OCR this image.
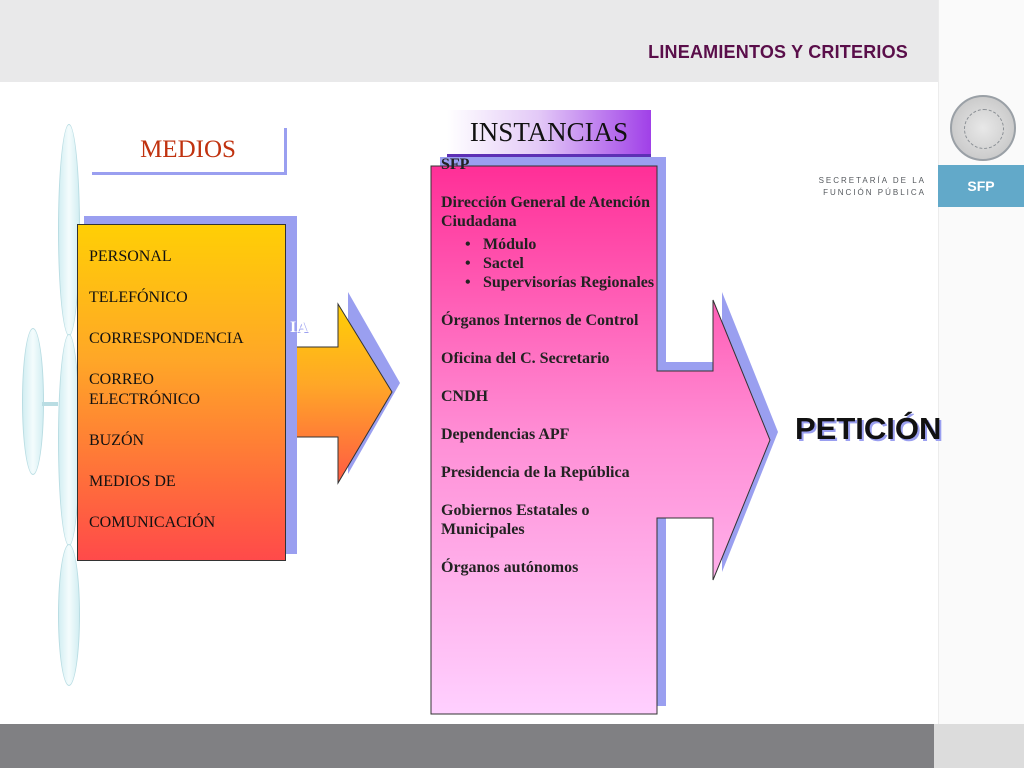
LINEAMIENTOS Y CRITERIOS
SECRETARÍA DE LA
FUNCIÓN PÚBLICA	SFP
MEDIOS
PERSONAL
TELEFÓNICO
CORRESPONDENCIA
CORREO
ELECTRÓNICO
BUZÓN
MEDIOS DE
COMUNICACIÓN
IA
INSTANCIAS

SFP

Dirección General de Atención Ciudadana

• Módulo
• Sactel
• Supervisorías Regionales

Órganos Internos de Control

Oficina del C. Secretario

CNDH

Dependencias APF

Presidencia de la República

Gobiernos Estatales o Municipales

Órganos autónomos

PETICIÓN
